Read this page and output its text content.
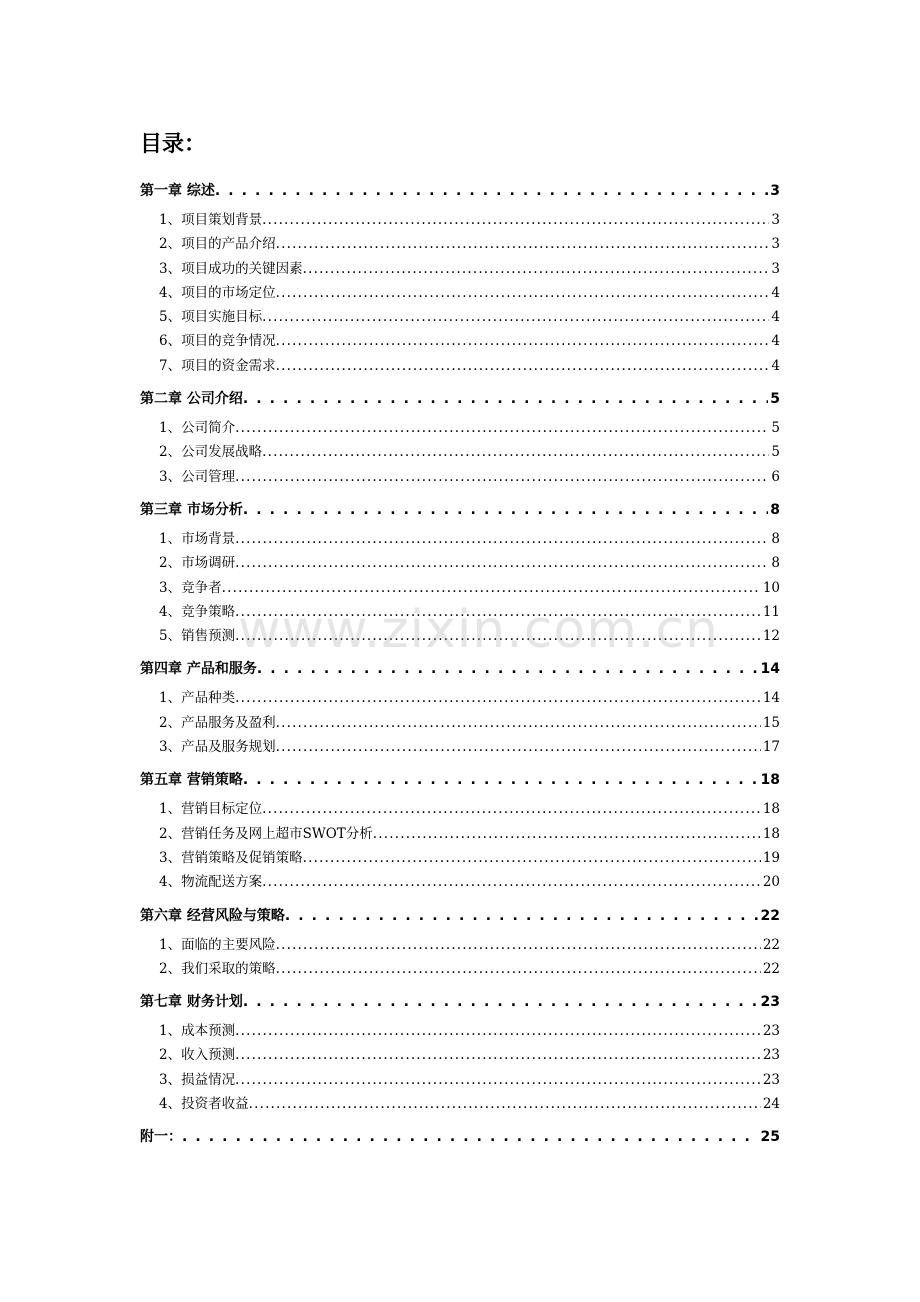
目录：
第一章 综述 . . .	3
1、项目策划背景 .....	3
2、项目的产品介绍 .....	3
3、项目成功的关键因素 .....	3
4、项目的市场定位 .....	4
5、项目实施目标 .....	4
6、项目的竞争情况 .....	4
7、项目的资金需求 .....	4
第二章 公司介绍 . . .	5
1、公司简介 .....	5
2、公司发展战略 .....	5
3、公司管理 .....	6
第三章 市场分析 . . .	8
1、市场背景 .....	8
2、市场调研 .....	8
3、竞争者 .....	10
4、竞争策略 .....	11
5、销售预测 .....	12
第四章 产品和服务 . . .	14
1、产品种类 .....	14
2、产品服务及盈利 .....	15
3、产品及服务规划 .....	17
第五章 营销策略 . . .	18
1、营销目标定位 .....	18
2、营销任务及网上超市SWOT分析 .....	18
3、营销策略及促销策略 .....	19
4、物流配送方案 .....	20
第六章 经营风险与策略 . . .	22
1、面临的主要风险 .....	22
2、我们采取的策略 .....	22
第七章 财务计划 . . .	23
1、成本预测 .....	23
2、收入预测 .....	23
3、损益情况 .....	23
4、投资者收益 .....	24
附一： . . .	25
www.zixin.com.cn
